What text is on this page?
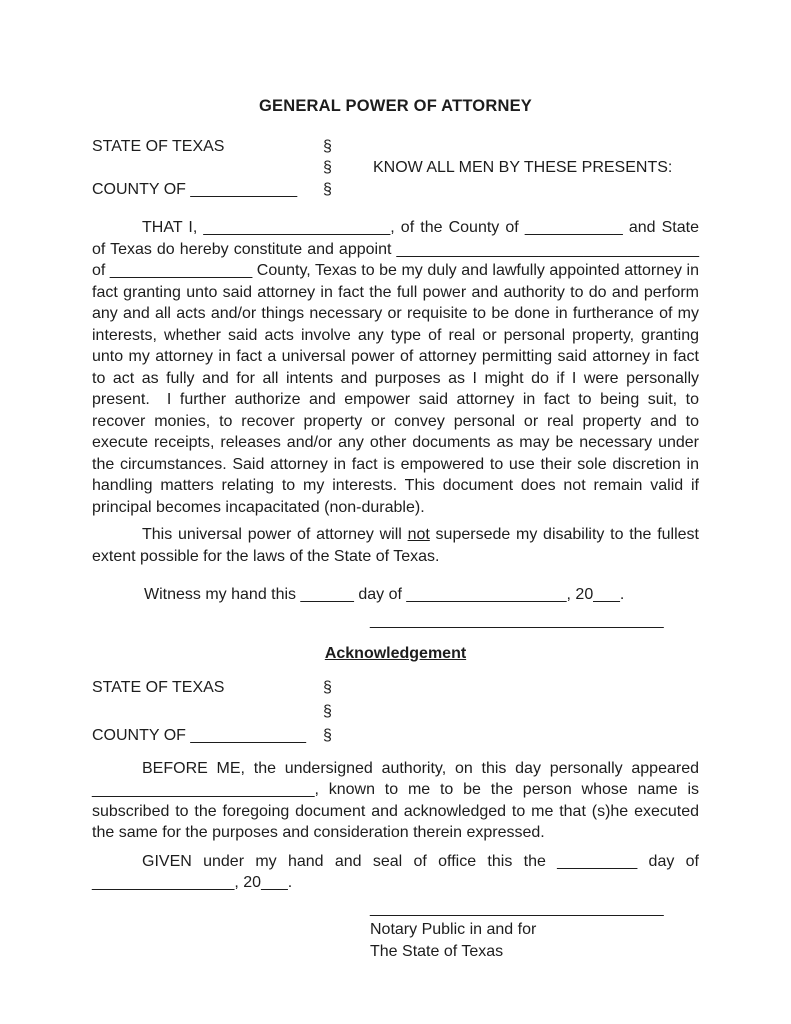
GENERAL POWER OF ATTORNEY
STATE OF TEXAS	§
§	KNOW ALL MEN BY THESE PRESENTS:
COUNTY OF ____________	§

THAT I, _____________________, of the County of ___________ and State of Texas do hereby constitute and appoint __________________________________ of ________________ County, Texas to be my duly and lawfully appointed attorney in fact granting unto said attorney in fact the full power and authority to do and perform any and all acts and/or things necessary or requisite to be done in furtherance of my interests, whether said acts involve any type of real or personal property, granting unto my attorney in fact a universal power of attorney permitting said attorney in fact to act as fully and for all intents and purposes as I might do if I were personally present.  I further authorize and empower said attorney in fact to being suit, to recover monies, to recover property or convey personal or real property and to execute receipts, releases and/or any other documents as may be necessary under the circumstances. Said attorney in fact is empowered to use their sole discretion in handling matters relating to my interests. This document does not remain valid if principal becomes incapacitated (non-durable).

This universal power of attorney will not supersede my disability to the fullest extent possible for the laws of the State of Texas.

Witness my hand this ______ day of __________________, 20___.

_________________________________
Acknowledgement
STATE OF TEXAS	§
§
COUNTY OF _____________	§

BEFORE ME, the undersigned authority, on this day personally appeared _________________________, known to me to be the person whose name is subscribed to the foregoing document and acknowledged to me that (s)he executed the same for the purposes and consideration therein expressed.

GIVEN under my hand and seal of office this the _________ day of ________________, 20___.

_________________________________
Notary Public in and for
The State of Texas
